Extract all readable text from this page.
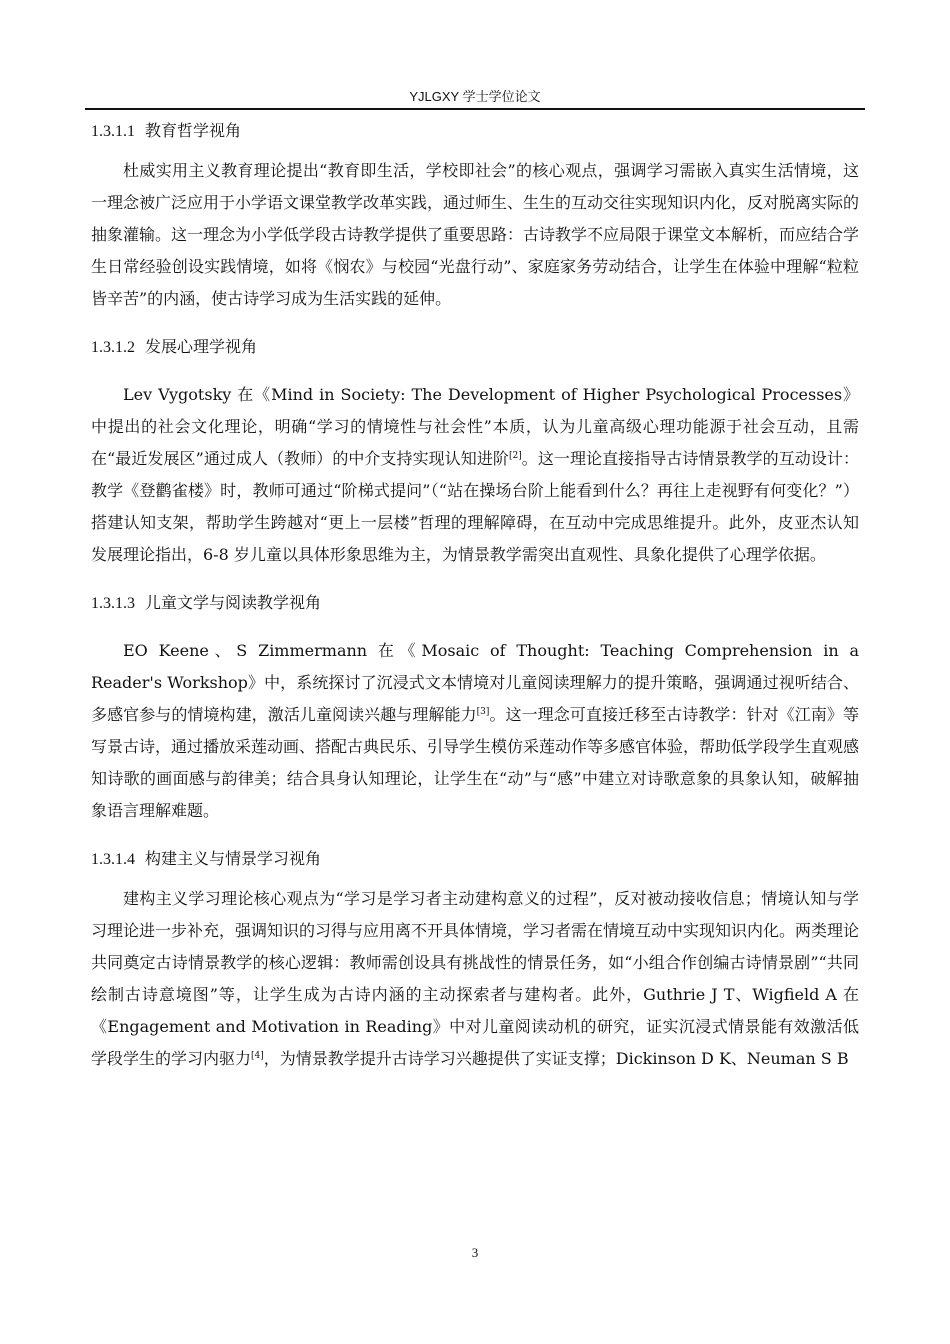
YJLGXY 学士学位论文
1.3.1.1 教育哲学视角

杜威实用主义教育理论提出“教育即生活，学校即社会”的核心观点，强调学习需嵌入真实生活情境，这一理念被广泛应用于小学语文课堂教学改革实践，通过师生、生生的互动交往实现知识内化，反对脱离实际的抽象灌输。这一理念为小学低学段古诗教学提供了重要思路：古诗教学不应局限于课堂文本解析，而应结合学生日常经验创设实践情境，如将《悯农》与校园“光盘行动”、家庭家务劳动结合，让学生在体验中理解“粒粒皆辛苦”的内涵，使古诗学习成为生活实践的延伸。

1.3.1.2 发展心理学视角

Lev Vygotsky 在《Mind in Society: The Development of Higher Psychological Processes》中提出的社会文化理论，明确“学习的情境性与社会性”本质，认为儿童高级心理功能源于社会互动，且需在“最近发展区”通过成人（教师）的中介支持实现认知进阶[2]。这一理论直接指导古诗情景教学的互动设计：教学《登鹳雀楼》时，教师可通过“阶梯式提问”（“站在操场台阶上能看到什么？再往上走视野有何变化？”）搭建认知支架，帮助学生跨越对“更上一层楼”哲理的理解障碍，在互动中完成思维提升。此外，皮亚杰认知发展理论指出，6-8 岁儿童以具体形象思维为主，为情景教学需突出直观性、具象化提供了心理学依据。

1.3.1.3 儿童文学与阅读教学视角

EO Keene、S Zimmermann 在《Mosaic of Thought: Teaching Comprehension in a Reader's Workshop》中，系统探讨了沉浸式文本情境对儿童阅读理解力的提升策略，强调通过视听结合、多感官参与的情境构建，激活儿童阅读兴趣与理解能力[3]。这一理念可直接迁移至古诗教学：针对《江南》等写景古诗，通过播放采莲动画、搭配古典民乐、引导学生模仿采莲动作等多感官体验，帮助低学段学生直观感知诗歌的画面感与韵律美；结合具身认知理论，让学生在“动”与“感”中建立对诗歌意象的具象认知，破解抽象语言理解难题。

1.3.1.4 构建主义与情景学习视角

建构主义学习理论核心观点为“学习是学习者主动建构意义的过程”，反对被动接收信息；情境认知与学习理论进一步补充，强调知识的习得与应用离不开具体情境，学习者需在情境互动中实现知识内化。两类理论共同奠定古诗情景教学的核心逻辑：教师需创设具有挑战性的情景任务，如“小组合作创编古诗情景剧”“共同绘制古诗意境图”等，让学生成为古诗内涵的主动探索者与建构者。此外，Guthrie J T、Wigfield A 在《Engagement and Motivation in Reading》中对儿童阅读动机的研究，证实沉浸式情景能有效激活低学段学生的学习内驱力[4]，为情景教学提升古诗学习兴趣提供了实证支撑；Dickinson D K、Neuman S B

3
